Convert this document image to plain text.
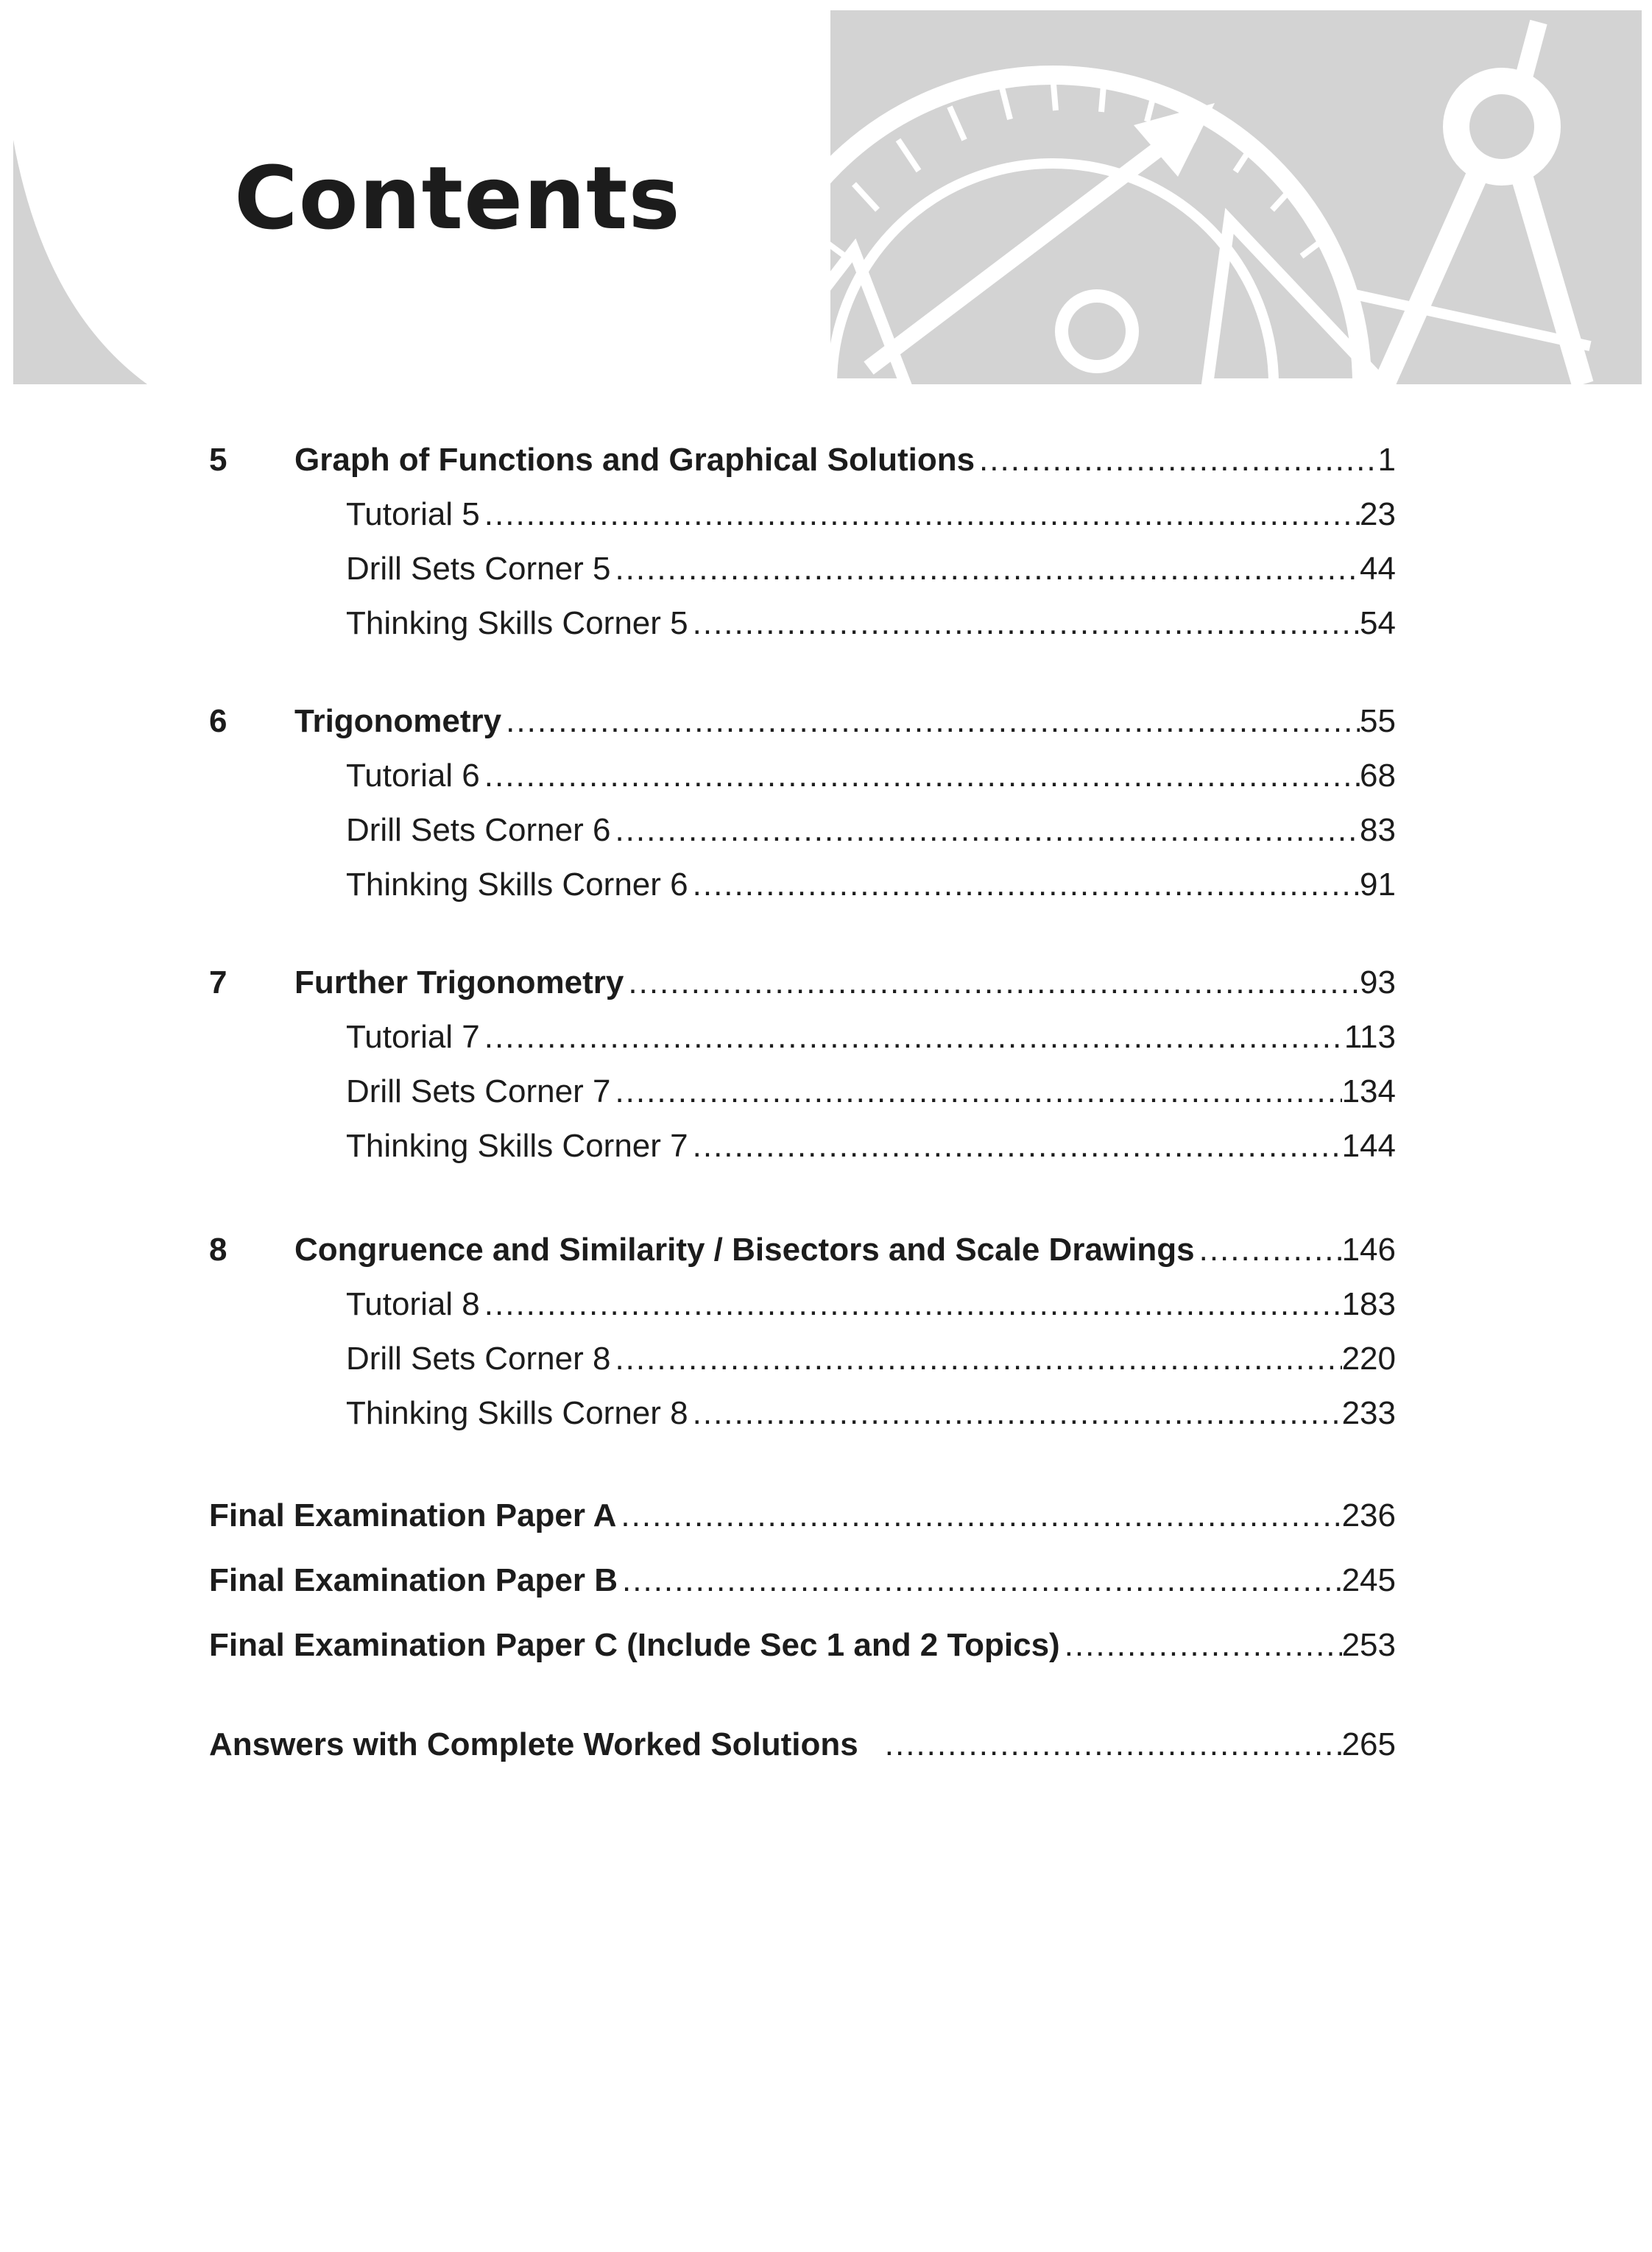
Contents
5	Graph of Functions and Graphical Solutions .....	1
Tutorial 5 .....	23
Drill Sets Corner 5 .....	44
Thinking Skills Corner 5 .....	54
6	Trigonometry .....	55
Tutorial 6 .....	68
Drill Sets Corner 6 .....	83
Thinking Skills Corner 6 .....	91
7	Further Trigonometry .....	93
Tutorial 7 .....	113
Drill Sets Corner 7 .....	134
Thinking Skills Corner 7 .....	144
8	Congruence and Similarity / Bisectors and Scale Drawings .....	146
Tutorial 8 .....	183
Drill Sets Corner 8 .....	220
Thinking Skills Corner 8 .....	233
Final Examination Paper A .....	236
Final Examination Paper B .....	245
Final Examination Paper C (Include Sec 1 and 2 Topics) .....	253
Answers with Complete Worked Solutions .....	265
